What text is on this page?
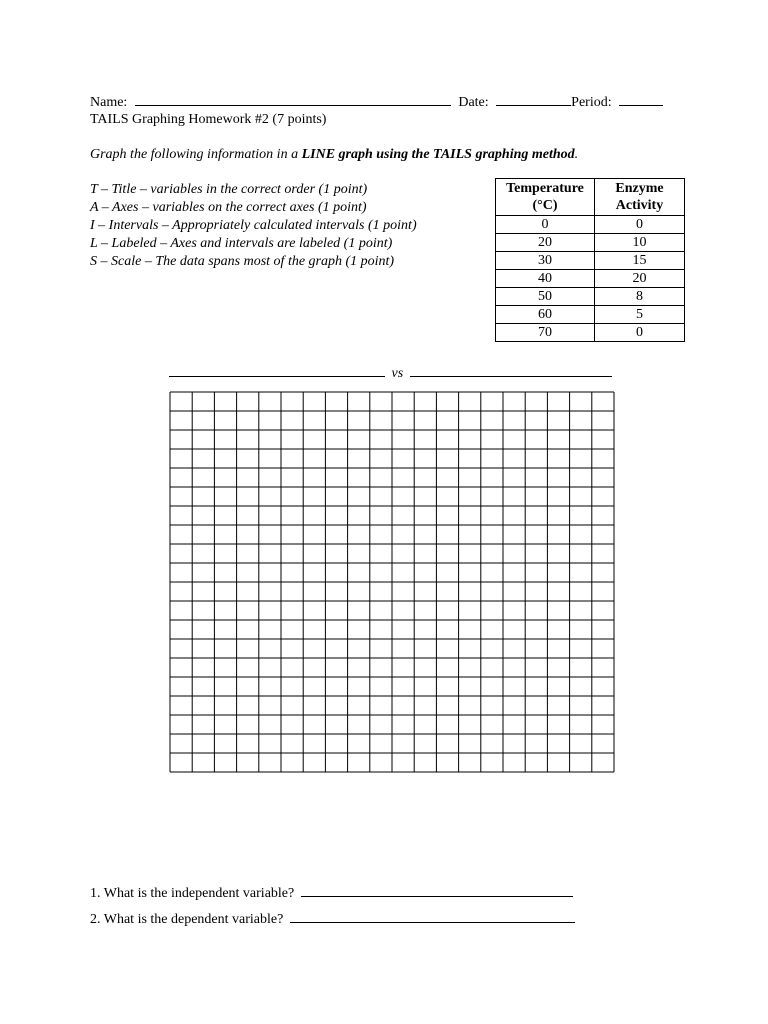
Name:	Date:	Period:
TAILS Graphing Homework #2 (7 points)
Graph the following information in a LINE graph using the TAILS graphing method.
T – Title – variables in the correct order (1 point)
A – Axes – variables on the correct axes (1 point)
I – Intervals – Appropriately calculated intervals (1 point)
L – Labeled – Axes and intervals are labeled (1 point)
S – Scale – The data spans most of the graph (1 point)
Temperature (°C)	Enzyme Activity
0	0
20	10
30	15
40	20
50	8
60	5
70	0
vs
1. What is the independent variable?
2. What is the dependent variable?
